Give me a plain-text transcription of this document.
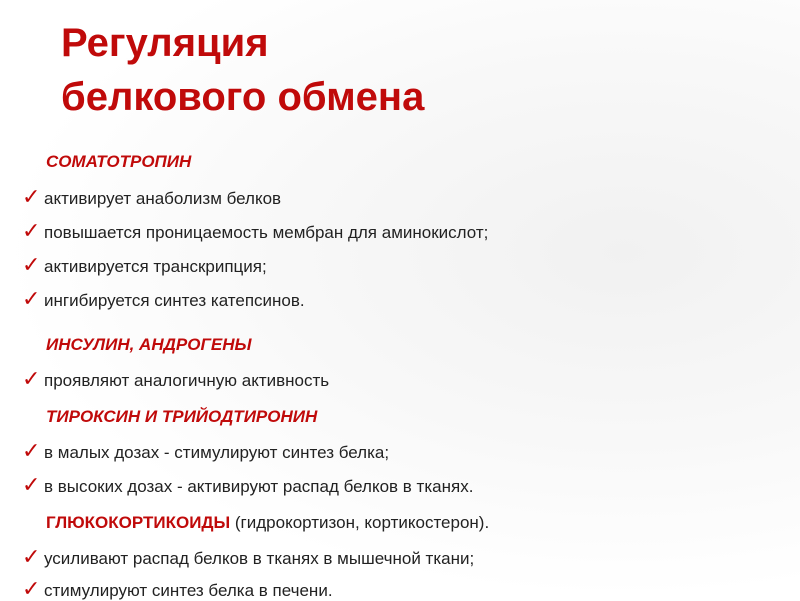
Регуляция
белкового обмена
СОМАТОТРОПИН
✓ активирует анаболизм белков
✓ повышается проницаемость мембран для аминокислот;
✓ активируется транскрипция;
✓ ингибируется синтез катепсинов.
ИНСУЛИН, АНДРОГЕНЫ
✓ проявляют аналогичную активность
ТИРОКСИН И ТРИЙОДТИРОНИН
✓ в малых дозах - стимулируют синтез белка;
✓ в высоких дозах - активируют распад белков в тканях.
ГЛЮКОКОРТИКОИДЫ (гидрокортизон, кортикостерон).
✓ усиливают распад белков в тканях в мышечной ткани;
✓ стимулируют синтез белка в печени.
